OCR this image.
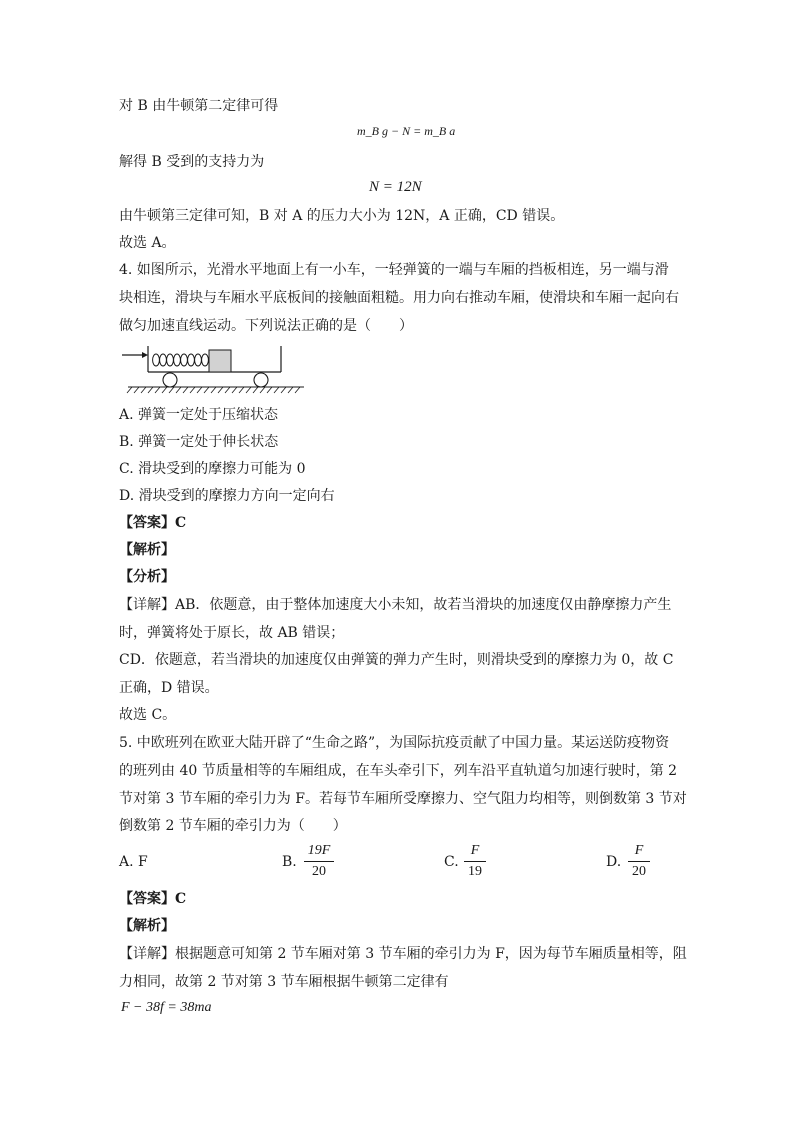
对 B 由牛顿第二定律可得
m_B g − N = m_B a
解得 B 受到的支持力为
N = 12N
由牛顿第三定律可知，B 对 A 的压力大小为 12N，A 正确，CD 错误。
故选 A。
4. 如图所示，光滑水平地面上有一小车，一轻弹簧的一端与车厢的挡板相连，另一端与滑
块相连，滑块与车厢水平底板间的接触面粗糙。用力向右推动车厢，使滑块和车厢一起向右
做匀加速直线运动。下列说法正确的是（　　）
A. 弹簧一定处于压缩状态
B. 弹簧一定处于伸长状态
C. 滑块受到的摩擦力可能为 0
D. 滑块受到的摩擦力方向一定向右
【答案】C
【解析】
【分析】
【详解】AB．依题意，由于整体加速度大小未知，故若当滑块的加速度仅由静摩擦力产生
时，弹簧将处于原长，故 AB 错误；
CD．依题意，若当滑块的加速度仅由弹簧的弹力产生时，则滑块受到的摩擦力为 0，故 C
正确，D 错误。
故选 C。
5. 中欧班列在欧亚大陆开辟了“生命之路”，为国际抗疫贡献了中国力量。某运送防疫物资
的班列由 40 节质量相等的车厢组成，在车头牵引下，列车沿平直轨道匀加速行驶时，第 2
节对第 3 节车厢的牵引力为 F。若每节车厢所受摩擦力、空气阻力均相等，则倒数第 3 节对
倒数第 2 节车厢的牵引力为（　　）
A. F	B.
19F
20
C.
F
19
D.
F
20
【答案】C
【解析】
【详解】根据题意可知第 2 节车厢对第 3 节车厢的牵引力为 F，因为每节车厢质量相等，阻
力相同，故第 2 节对第 3 节车厢根据牛顿第二定律有
F − 38f = 38ma
